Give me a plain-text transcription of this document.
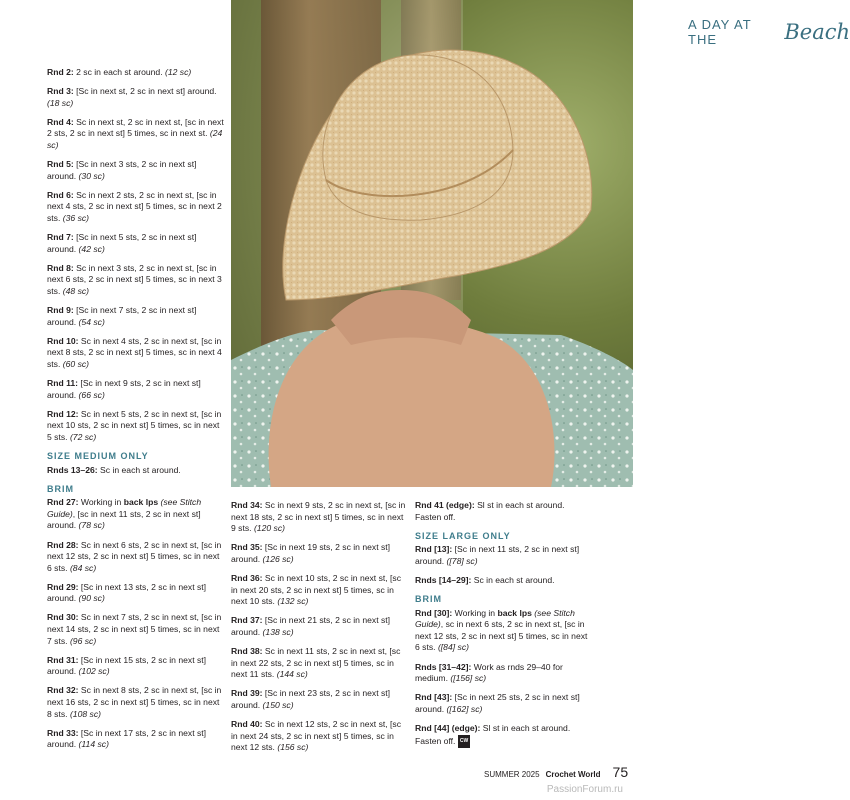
A DAY AT THE	Beach
Rnd 2: 2 sc in each st around. (12 sc)
Rnd 3: [Sc in next st, 2 sc in next st] around. (18 sc)
Rnd 4: Sc in next st, 2 sc in next st, [sc in next 2 sts, 2 sc in next st] 5 times, sc in next st. (24 sc)
Rnd 5: [Sc in next 3 sts, 2 sc in next st] around. (30 sc)
Rnd 6: Sc in next 2 sts, 2 sc in next st, [sc in next 4 sts, 2 sc in next st] 5 times, sc in next 2 sts. (36 sc)
Rnd 7: [Sc in next 5 sts, 2 sc in next st] around. (42 sc)
Rnd 8: Sc in next 3 sts, 2 sc in next st, [sc in next 6 sts, 2 sc in next st] 5 times, sc in next 3 sts. (48 sc)
Rnd 9: [Sc in next 7 sts, 2 sc in next st] around. (54 sc)
Rnd 10: Sc in next 4 sts, 2 sc in next st, [sc in next 8 sts, 2 sc in next st] 5 times, sc in next 4 sts. (60 sc)
Rnd 11: [Sc in next 9 sts, 2 sc in next st] around. (66 sc)
Rnd 12: Sc in next 5 sts, 2 sc in next st, [sc in next 10 sts, 2 sc in next st] 5 times, sc in next 5 sts. (72 sc)
SIZE MEDIUM ONLY
Rnds 13–26: Sc in each st around.
BRIM
Rnd 27: Working in back lps (see Stitch Guide), [sc in next 11 sts, 2 sc in next st] around. (78 sc)
Rnd 28: Sc in next 6 sts, 2 sc in next st, [sc in next 12 sts, 2 sc in next st] 5 times, sc in next 6 sts. (84 sc)
Rnd 29: [Sc in next 13 sts, 2 sc in next st] around. (90 sc)
Rnd 30: Sc in next 7 sts, 2 sc in next st, [sc in next 14 sts, 2 sc in next st] 5 times, sc in next 7 sts. (96 sc)
Rnd 31: [Sc in next 15 sts, 2 sc in next st] around. (102 sc)
Rnd 32: Sc in next 8 sts, 2 sc in next st, [sc in next 16 sts, 2 sc in next st] 5 times, sc in next 8 sts. (108 sc)
Rnd 33: [Sc in next 17 sts, 2 sc in next st] around. (114 sc)
Rnd 34: Sc in next 9 sts, 2 sc in next st, [sc in next 18 sts, 2 sc in next st] 5 times, sc in next 9 sts. (120 sc)
Rnd 35: [Sc in next 19 sts, 2 sc in next st] around. (126 sc)
Rnd 36: Sc in next 10 sts, 2 sc in next st, [sc in next 20 sts, 2 sc in next st] 5 times, sc in next 10 sts. (132 sc)
Rnd 37: [Sc in next 21 sts, 2 sc in next st] around. (138 sc)
Rnd 38: Sc in next 11 sts, 2 sc in next st, [sc in next 22 sts, 2 sc in next st] 5 times, sc in next 11 sts. (144 sc)
Rnd 39: [Sc in next 23 sts, 2 sc in next st] around. (150 sc)
Rnd 40: Sc in next 12 sts, 2 sc in next st, [sc in next 24 sts, 2 sc in next st] 5 times, sc in next 12 sts. (156 sc)
Rnd 41 (edge): Sl st in each st around. Fasten off.
SIZE LARGE ONLY
Rnd [13]: [Sc in next 11 sts, 2 sc in next st] around. ([78] sc)
Rnds [14–29]: Sc in each st around.
BRIM
Rnd [30]: Working in back lps (see Stitch Guide), sc in next 6 sts, 2 sc in next st, [sc in next 12 sts, 2 sc in next st] 5 times, sc in next 6 sts. ([84] sc)
Rnds [31–42]: Work as rnds 29–40 for medium. ([156] sc)
Rnd [43]: [Sc in next 25 sts, 2 sc in next st] around. ([162] sc)
Rnd [44] (edge): Sl st in each st around. Fasten off. CW
SUMMER 2025 Crochet World 75
PassionForum.ru
